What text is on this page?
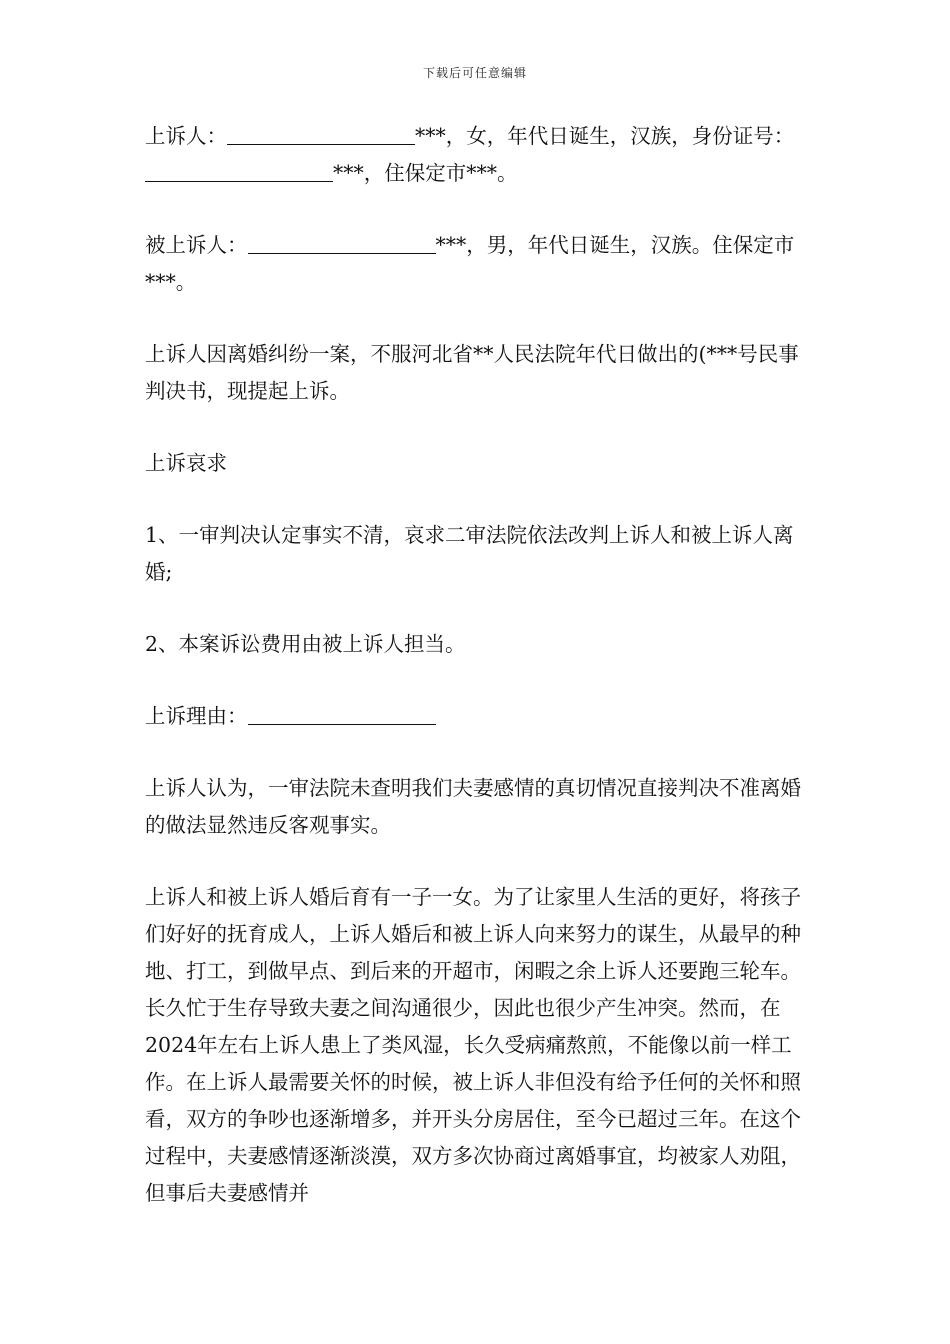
下载后可任意编辑

上诉人：	***，女，年代日诞生，汉族，身份证号：***，住保定市***。

被上诉人：	***，男，年代日诞生，汉族。住保定市***。

上诉人因离婚纠纷一案，不服河北省**人民法院年代日做出的(***号民事判决书，现提起上诉。

上诉哀求

1、一审判决认定事实不清，哀求二审法院依法改判上诉人和被上诉人离婚;

2、本案诉讼费用由被上诉人担当。

上诉理由：

上诉人认为，一审法院未查明我们夫妻感情的真切情况直接判决不准离婚的做法显然违反客观事实。

上诉人和被上诉人婚后育有一子一女。为了让家里人生活的更好，将孩子们好好的抚育成人，上诉人婚后和被上诉人向来努力的谋生，从最早的种地、打工，到做早点、到后来的开超市，闲暇之余上诉人还要跑三轮车。长久忙于生存导致夫妻之间沟通很少，因此也很少产生冲突。然而，在2024年左右上诉人患上了类风湿，长久受病痛熬煎，不能像以前一样工作。在上诉人最需要关怀的时候，被上诉人非但没有给予任何的关怀和照看，双方的争吵也逐渐增多，并开头分房居住，至今已超过三年。在这个过程中，夫妻感情逐渐淡漠，双方多次协商过离婚事宜，均被家人劝阻，但事后夫妻感情并
